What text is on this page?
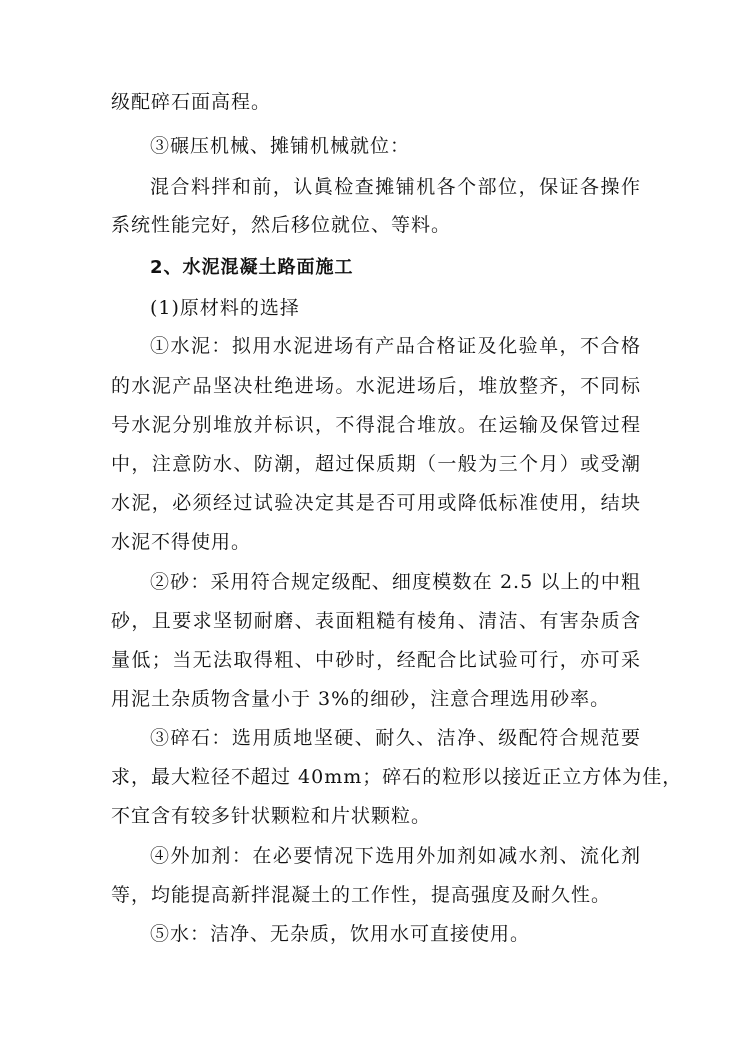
级配碎石面高程。
③碾压机械、摊铺机械就位：
混合料拌和前，认眞检查摊铺机各个部位，保证各操作
系统性能完好，然后移位就位、等料。
2、水泥混凝土路面施工
(1)原材料的选择
①水泥：拟用水泥进场有产品合格证及化验单，不合格
的水泥产品坚决杜绝进场。水泥进场后，堆放整齐，不同标
号水泥分别堆放并标识，不得混合堆放。在运输及保管过程
中，注意防水、防潮，超过保质期（一般为三个月）或受潮
水泥，必须经过试验决定其是否可用或降低标准使用，结块
水泥不得使用。
②砂：采用符合规定级配、细度模数在 2.5 以上的中粗
砂，且要求坚韧耐磨、表面粗糙有棱角、清洁、有害杂质含
量低；当无法取得粗、中砂时，经配合比试验可行，亦可采
用泥土杂质物含量小于 3%的细砂，注意合理选用砂率。
③碎石：选用质地坚硬、耐久、洁净、级配符合规范要
求，最大粒径不超过 40mm；碎石的粒形以接近正立方体为佳，
不宜含有较多针状颗粒和片状颗粒。
④外加剂：在必要情况下选用外加剂如减水剂、流化剂
等，均能提高新拌混凝土的工作性，提高强度及耐久性。
⑤水：洁净、无杂质，饮用水可直接使用。
